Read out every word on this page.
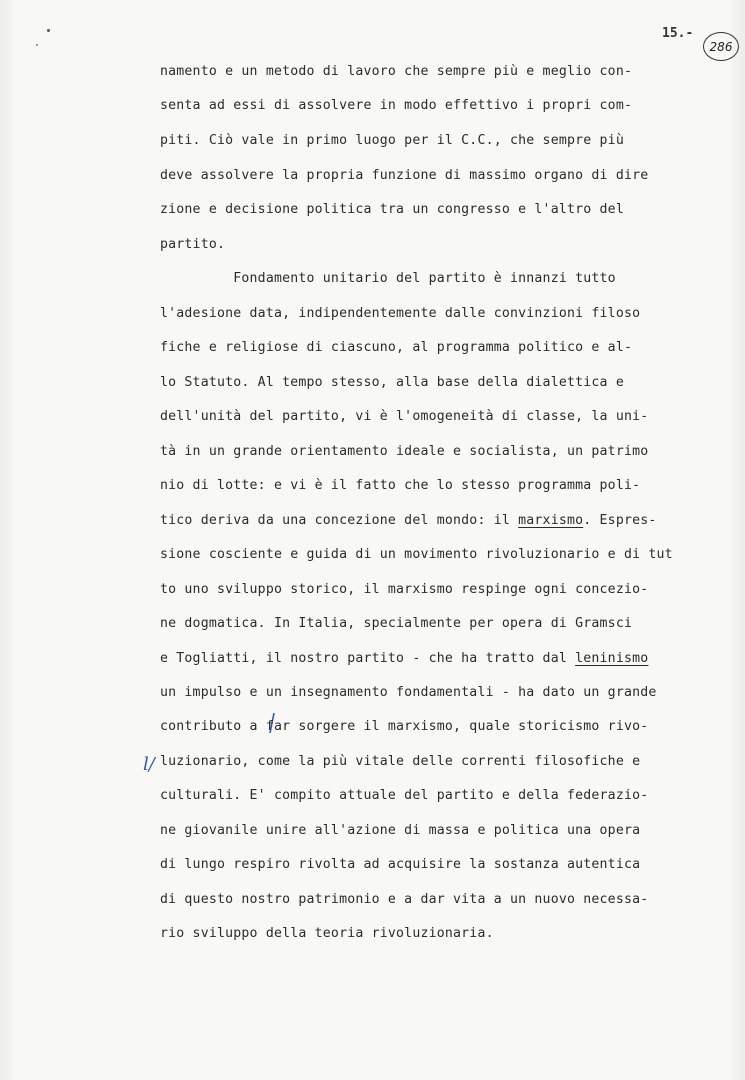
15.-
286
l/
namento e un metodo di lavoro che sempre più e meglio con-
senta ad essi di assolvere in modo effettivo i propri com-
piti. Ciò vale in primo luogo per il C.C., che sempre più
deve assolvere la propria funzione di massimo organo di dire
zione e decisione politica tra un congresso e l'altro del
partito.
Fondamento unitario del partito è innanzi tutto
l'adesione data, indipendentemente dalle convinzioni filoso
fiche e religiose di ciascuno, al programma politico e al-
lo Statuto. Al tempo stesso, alla base della dialettica e
dell'unità del partito, vi è l'omogeneità di classe, la uni-
tà in un grande orientamento ideale e socialista, un patrimo
nio di lotte: e vi è il fatto che lo stesso programma poli-
tico deriva da una concezione del mondo: il marxismo. Espres-
sione cosciente e guida di un movimento rivoluzionario e di tut
to uno sviluppo storico, il marxismo respinge ogni concezio-
ne dogmatica. In Italia, specialmente per opera di Gramsci
e Togliatti, il nostro partito - che ha tratto dal leninismo
un impulso e un insegnamento fondamentali - ha dato un grande
contributo a far sorgere il marxismo, quale storicismo rivo-
luzionario, come la più vitale delle correnti filosofiche e
culturali. E' compito attuale del partito e della federazio-
ne giovanile unire all'azione di massa e politica una opera
di lungo respiro rivolta ad acquisire la sostanza autentica
di questo nostro patrimonio e a dar vita a un nuovo necessa-
rio sviluppo della teoria rivoluzionaria.
